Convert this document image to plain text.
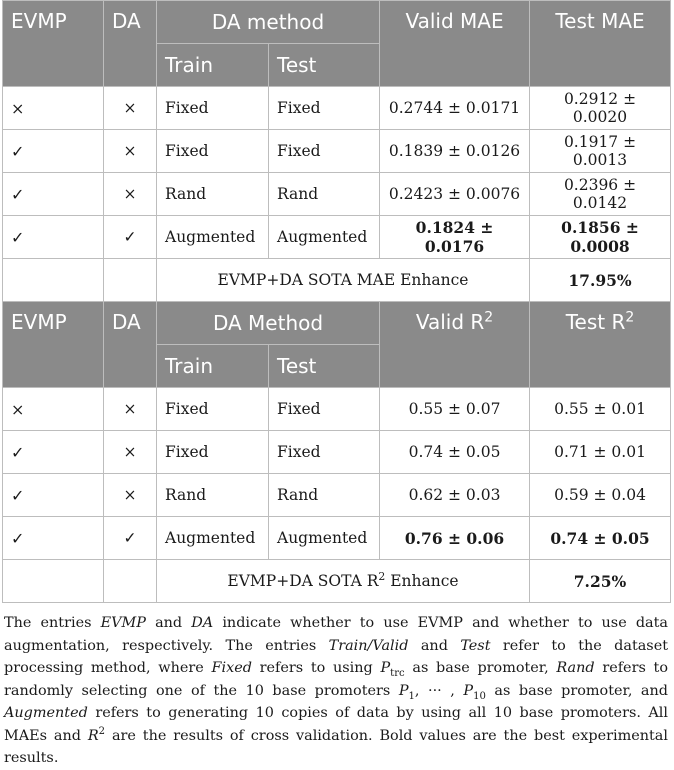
EVMP	DA	DA method		Valid MAE	Test MAE
		Train	Test		
×	×	Fixed	Fixed	0.2744 ± 0.0171	0.2912 ± 0.0020
✓	×	Fixed	Fixed	0.1839 ± 0.0126	0.1917 ± 0.0013
✓	×	Rand	Rand	0.2423 ± 0.0076	0.2396 ± 0.0142
✓	✓	Augmented	Augmented	0.1824 ± 0.0176	0.1856 ± 0.0008
		EVMP+DA SOTA MAE Enhance			17.95%
EVMP	DA	DA Method		Valid $R^2$	Test $R^2$
		Train	Test		
×	×	Fixed	Fixed	0.55 ± 0.07	0.55 ± 0.01
✓	×	Fixed	Fixed	0.74 ± 0.05	0.71 ± 0.01
✓	×	Rand	Rand	0.62 ± 0.03	0.59 ± 0.04
✓	✓	Augmented	Augmented	0.76 ± 0.06	0.74 ± 0.05
		EVMP+DA SOTA $R^2$ Enhance			7.25%
The entries EVMP and DA indicate whether to use EVMP and whether to use data augmentation, respectively. The entries Train/Valid and Test refer to the dataset processing method, where Fixed refers to using $P_{trc}$ as base promoter, Rand refers to randomly selecting one of the 10 base promoters $P_1$, ··· , $P_{10}$ as base promoter, and Augmented refers to generating 10 copies of data by using all 10 base promoters. All MAEs and $R^2$ are the results of cross validation. Bold values are the best experimental results.
